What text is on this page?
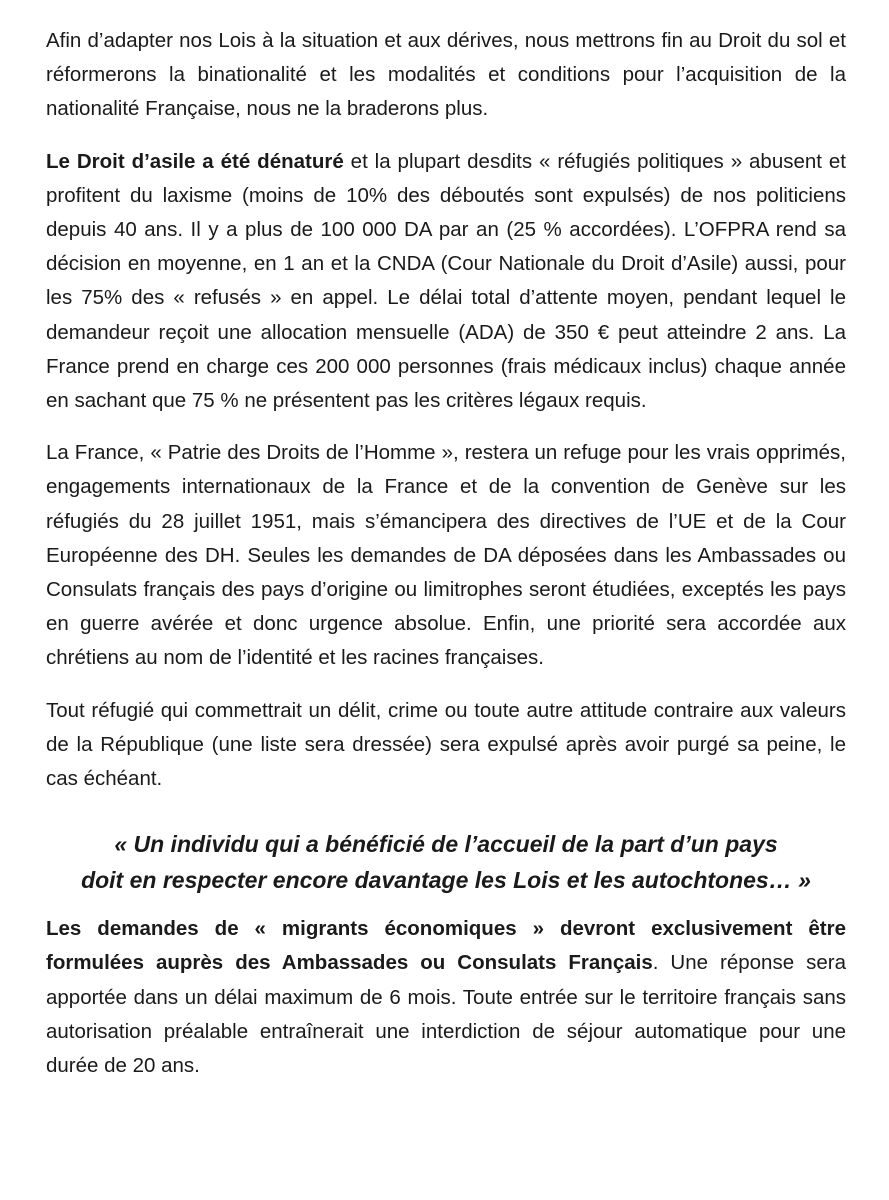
Afin d’adapter nos Lois à la situation et aux dérives, nous mettrons fin au Droit du sol et réformerons la binationalité et les modalités et conditions pour l’acquisition de la nationalité Française, nous ne la braderons plus.

Le Droit d’asile a été dénaturé et la plupart desdits « réfugiés politiques » abusent et profitent du laxisme (moins de 10% des déboutés sont expulsés) de nos politiciens depuis 40 ans. Il y a plus de 100 000 DA par an (25 % accordées). L’OFPRA rend sa décision en moyenne, en 1 an et la CNDA (Cour Nationale du Droit d’Asile) aussi, pour les 75% des « refusés » en appel. Le délai total d’attente moyen, pendant lequel le demandeur reçoit une allocation mensuelle (ADA) de 350 € peut atteindre 2 ans. La France prend en charge ces 200 000 personnes (frais médicaux inclus) chaque année en sachant que 75 % ne présentent pas les critères légaux requis.

La France, « Patrie des Droits de l’Homme », restera un refuge pour les vrais opprimés, engagements internationaux de la France et de la convention de Genève sur les réfugiés du 28 juillet 1951, mais s’émancipera des directives de l’UE et de la Cour Européenne des DH. Seules les demandes de DA déposées dans les Ambassades ou Consulats français des pays d’origine ou limitrophes seront étudiées, exceptés les pays en guerre avérée et donc urgence absolue. Enfin, une priorité sera accordée aux chrétiens au nom de l’identité et les racines françaises.

Tout réfugié qui commettrait un délit, crime ou toute autre attitude contraire aux valeurs de la République (une liste sera dressée) sera expulsé après avoir purgé sa peine, le cas échéant.

« Un individu qui a bénéficié de l’accueil de la part d’un pays
doit en respecter encore davantage les Lois et les autochtones… »

Les demandes de « migrants économiques » devront exclusivement être formulées auprès des Ambassades ou Consulats Français. Une réponse sera apportée dans un délai maximum de 6 mois. Toute entrée sur le territoire français sans autorisation préalable entraînerait une interdiction de séjour automatique pour une durée de 20 ans.
